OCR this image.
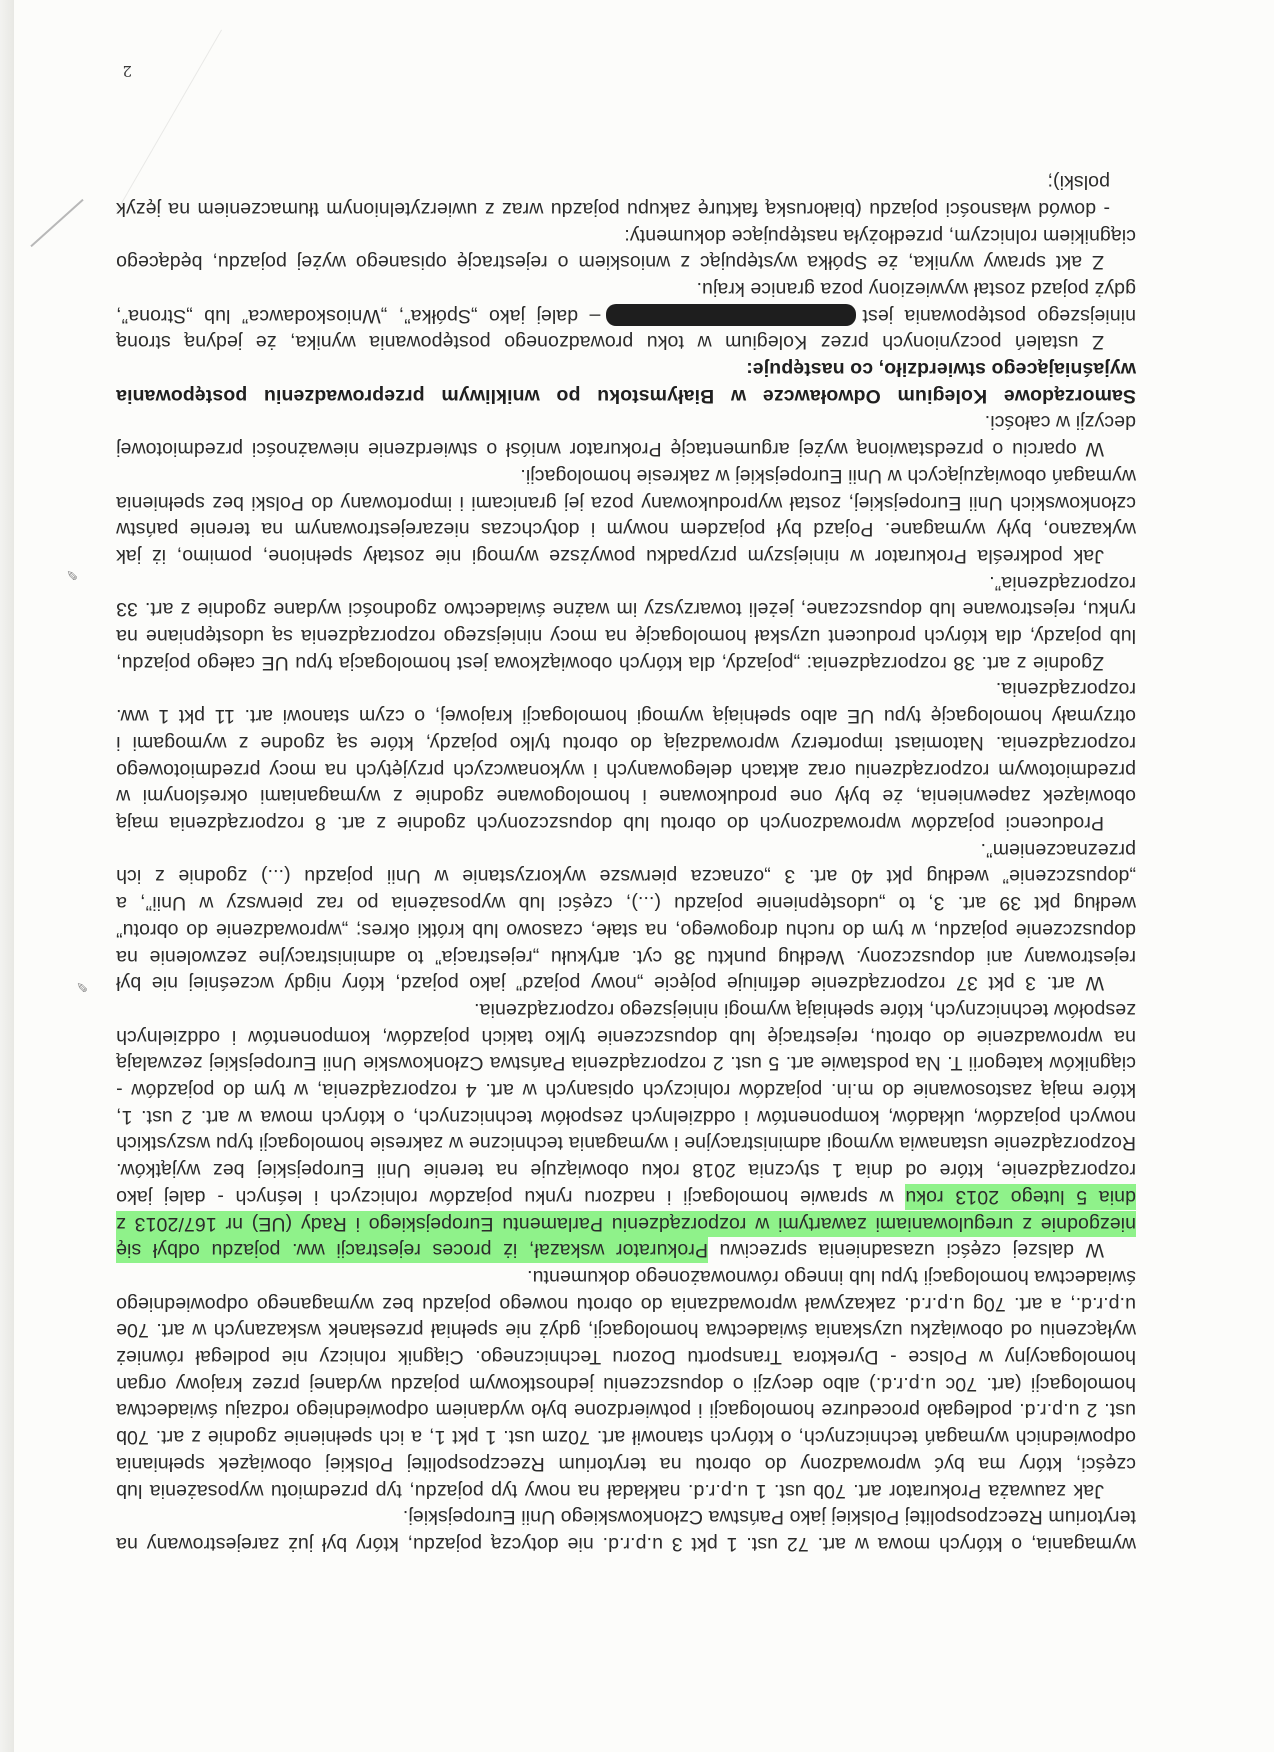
✎
✎
2

wymagania, o których mowa w art. 72 ust. 1 pkt 3 u.p.r.d. nie dotyczą pojazdu, który był już zarejestrowany na terytorium Rzeczpospolitej Polskiej jako Państwa Członkowskiego Unii Europejskiej.

Jak zauważa Prokurator art. 70b ust. 1 u.p.r.d. nakładał na nowy typ pojazdu, typ przedmiotu wyposażenia lub części, który ma być wprowadzony do obrotu na terytorium Rzeczpospolitej Polskiej obowiązek spełniania odpowiednich wymagań technicznych, o których stanowił art. 70zm ust. 1 pkt 1, a ich spełnienie zgodnie z art. 70b ust. 2 u.p.r.d. podlegało procedurze homologacji i potwierdzone było wydaniem odpowiedniego rodzaju świadectwa homologacji (art. 70c u.p.r.d.) albo decyzji o dopuszczeniu jednostkowym pojazdu wydanej przez krajowy organ homologacyjny w Polsce - Dyrektora Transportu Dozoru Technicznego. Ciągnik rolniczy nie podlegał również wyłączeniu od obowiązku uzyskania świadectwa homologacji, gdyż nie spełniał przesłanek wskazanych w art. 70e u.p.r.d., a art. 70g u.p.r.d. zakazywał wprowadzania do obrotu nowego pojazdu bez wymaganego odpowiedniego świadectwa homologacji typu lub innego równoważonego dokumentu.

W dalszej części uzasadnienia sprzeciwu Prokurator wskazał, iż proces rejestracji ww. pojazdu odbył się niezgodnie z uregulowaniami zawartymi w rozporządzeniu Parlamentu Europejskiego i Rady (UE) nr 167/2013 z dnia 5 lutego 2013 roku w sprawie homologacji i nadzoru rynku pojazdów rolniczych i leśnych - dalej jako rozporządzenie, które od dnia 1 stycznia 2018 roku obowiązuje na terenie Unii Europejskiej bez wyjątków. Rozporządzenie ustanawia wymogi administracyjne i wymagania techniczne w zakresie homologacji typu wszystkich nowych pojazdów, układów, komponentów i oddzielnych zespołów technicznych, o których mowa w art. 2 ust. 1, które mają zastosowanie do m.in. pojazdów rolniczych opisanych w art. 4 rozporządzenia, w tym do pojazdów - ciągników kategorii T. Na podstawie art. 5 ust. 2 rozporządzenia Państwa Członkowskie Unii Europejskiej zezwalają na wprowadzenie do obrotu, rejestrację lub dopuszczenie tylko takich pojazdów, komponentów i oddzielnych zespołów technicznych, które spełniają wymogi niniejszego rozporządzenia.

W art. 3 pkt 37 rozporządzenie definiuje pojęcie „nowy pojazd” jako pojazd, który nigdy wcześniej nie był rejestrowany ani dopuszczony. Według punktu 38 cyt. artykułu „rejestracja” to administracyjne zezwolenie na dopuszczenie pojazdu, w tym do ruchu drogowego, na stałe, czasowo lub krótki okres; „wprowadzenie do obrotu” według pkt 39 art. 3, to „udostępnienie pojazdu (...), części lub wyposażenia po raz pierwszy w Unii”, a „dopuszczenie” według pkt 40 art. 3 „oznacza pierwsze wykorzystanie w Unii pojazdu (...) zgodnie z ich przeznaczeniem”.

Producenci pojazdów wprowadzonych do obrotu lub dopuszczonych zgodnie z art. 8 rozporządzenia mają obowiązek zapewnienia, że były one produkowane i homologowane zgodnie z wymaganiami określonymi w przedmiotowym rozporządzeniu oraz aktach delegowanych i wykonawczych przyjętych na mocy przedmiotowego rozporządzenia. Natomiast importerzy wprowadzają do obrotu tylko pojazdy, które są zgodne z wymogami i otrzymały homologację typu UE albo spełniają wymogi homologacji krajowej, o czym stanowi art. 11 pkt 1 ww. rozporządzenia.

Zgodnie z art. 38 rozporządzenia: „pojazdy, dla których obowiązkowa jest homologacja typu UE całego pojazdu, lub pojazdy, dla których producent uzyskał homologację na mocy niniejszego rozporządzenia są udostępniane na rynku, rejestrowane lub dopuszczane, jeżeli towarzyszy im ważne świadectwo zgodności wydane zgodnie z art. 33 rozporządzenia”.

Jak podkreśla Prokurator w niniejszym przypadku powyższe wymogi nie zostały spełnione, pomimo, iż jak wykazano, były wymagane. Pojazd był pojazdem nowym i dotychczas niezarejestrowanym na terenie państw członkowskich Unii Europejskiej, został wyprodukowany poza jej granicami i importowany do Polski bez spełnienia wymagań obowiązujących w Unii Europejskiej w zakresie homologacji.

W oparciu o przedstawioną wyżej argumentację Prokurator wniósł o stwierdzenie nieważności przedmiotowej decyzji w całości.

Samorządowe Kolegium Odwoławcze w Białymstoku po wnikliwym przeprowadzeniu postępowania wyjaśniającego stwierdziło, co następuje:

Z ustaleń poczynionych przez Kolegium w toku prowadzonego postępowania wynika, że jedyną stroną niniejszego postępowania jest– dalej jako „Spółka”, „Wnioskodawca” lub „Strona”, gdyż pojazd został wywieziony poza granice kraju.

Z akt sprawy wynika, że Spółka występując z wnioskiem o rejestrację opisanego wyżej pojazdu, będącego ciągnikiem rolniczym, przedłożyła następujące dokumenty:

- dowód własności pojazdu (białoruską fakturę zakupu pojazdu wraz z uwierzytelnionym tłumaczeniem na język polski);
